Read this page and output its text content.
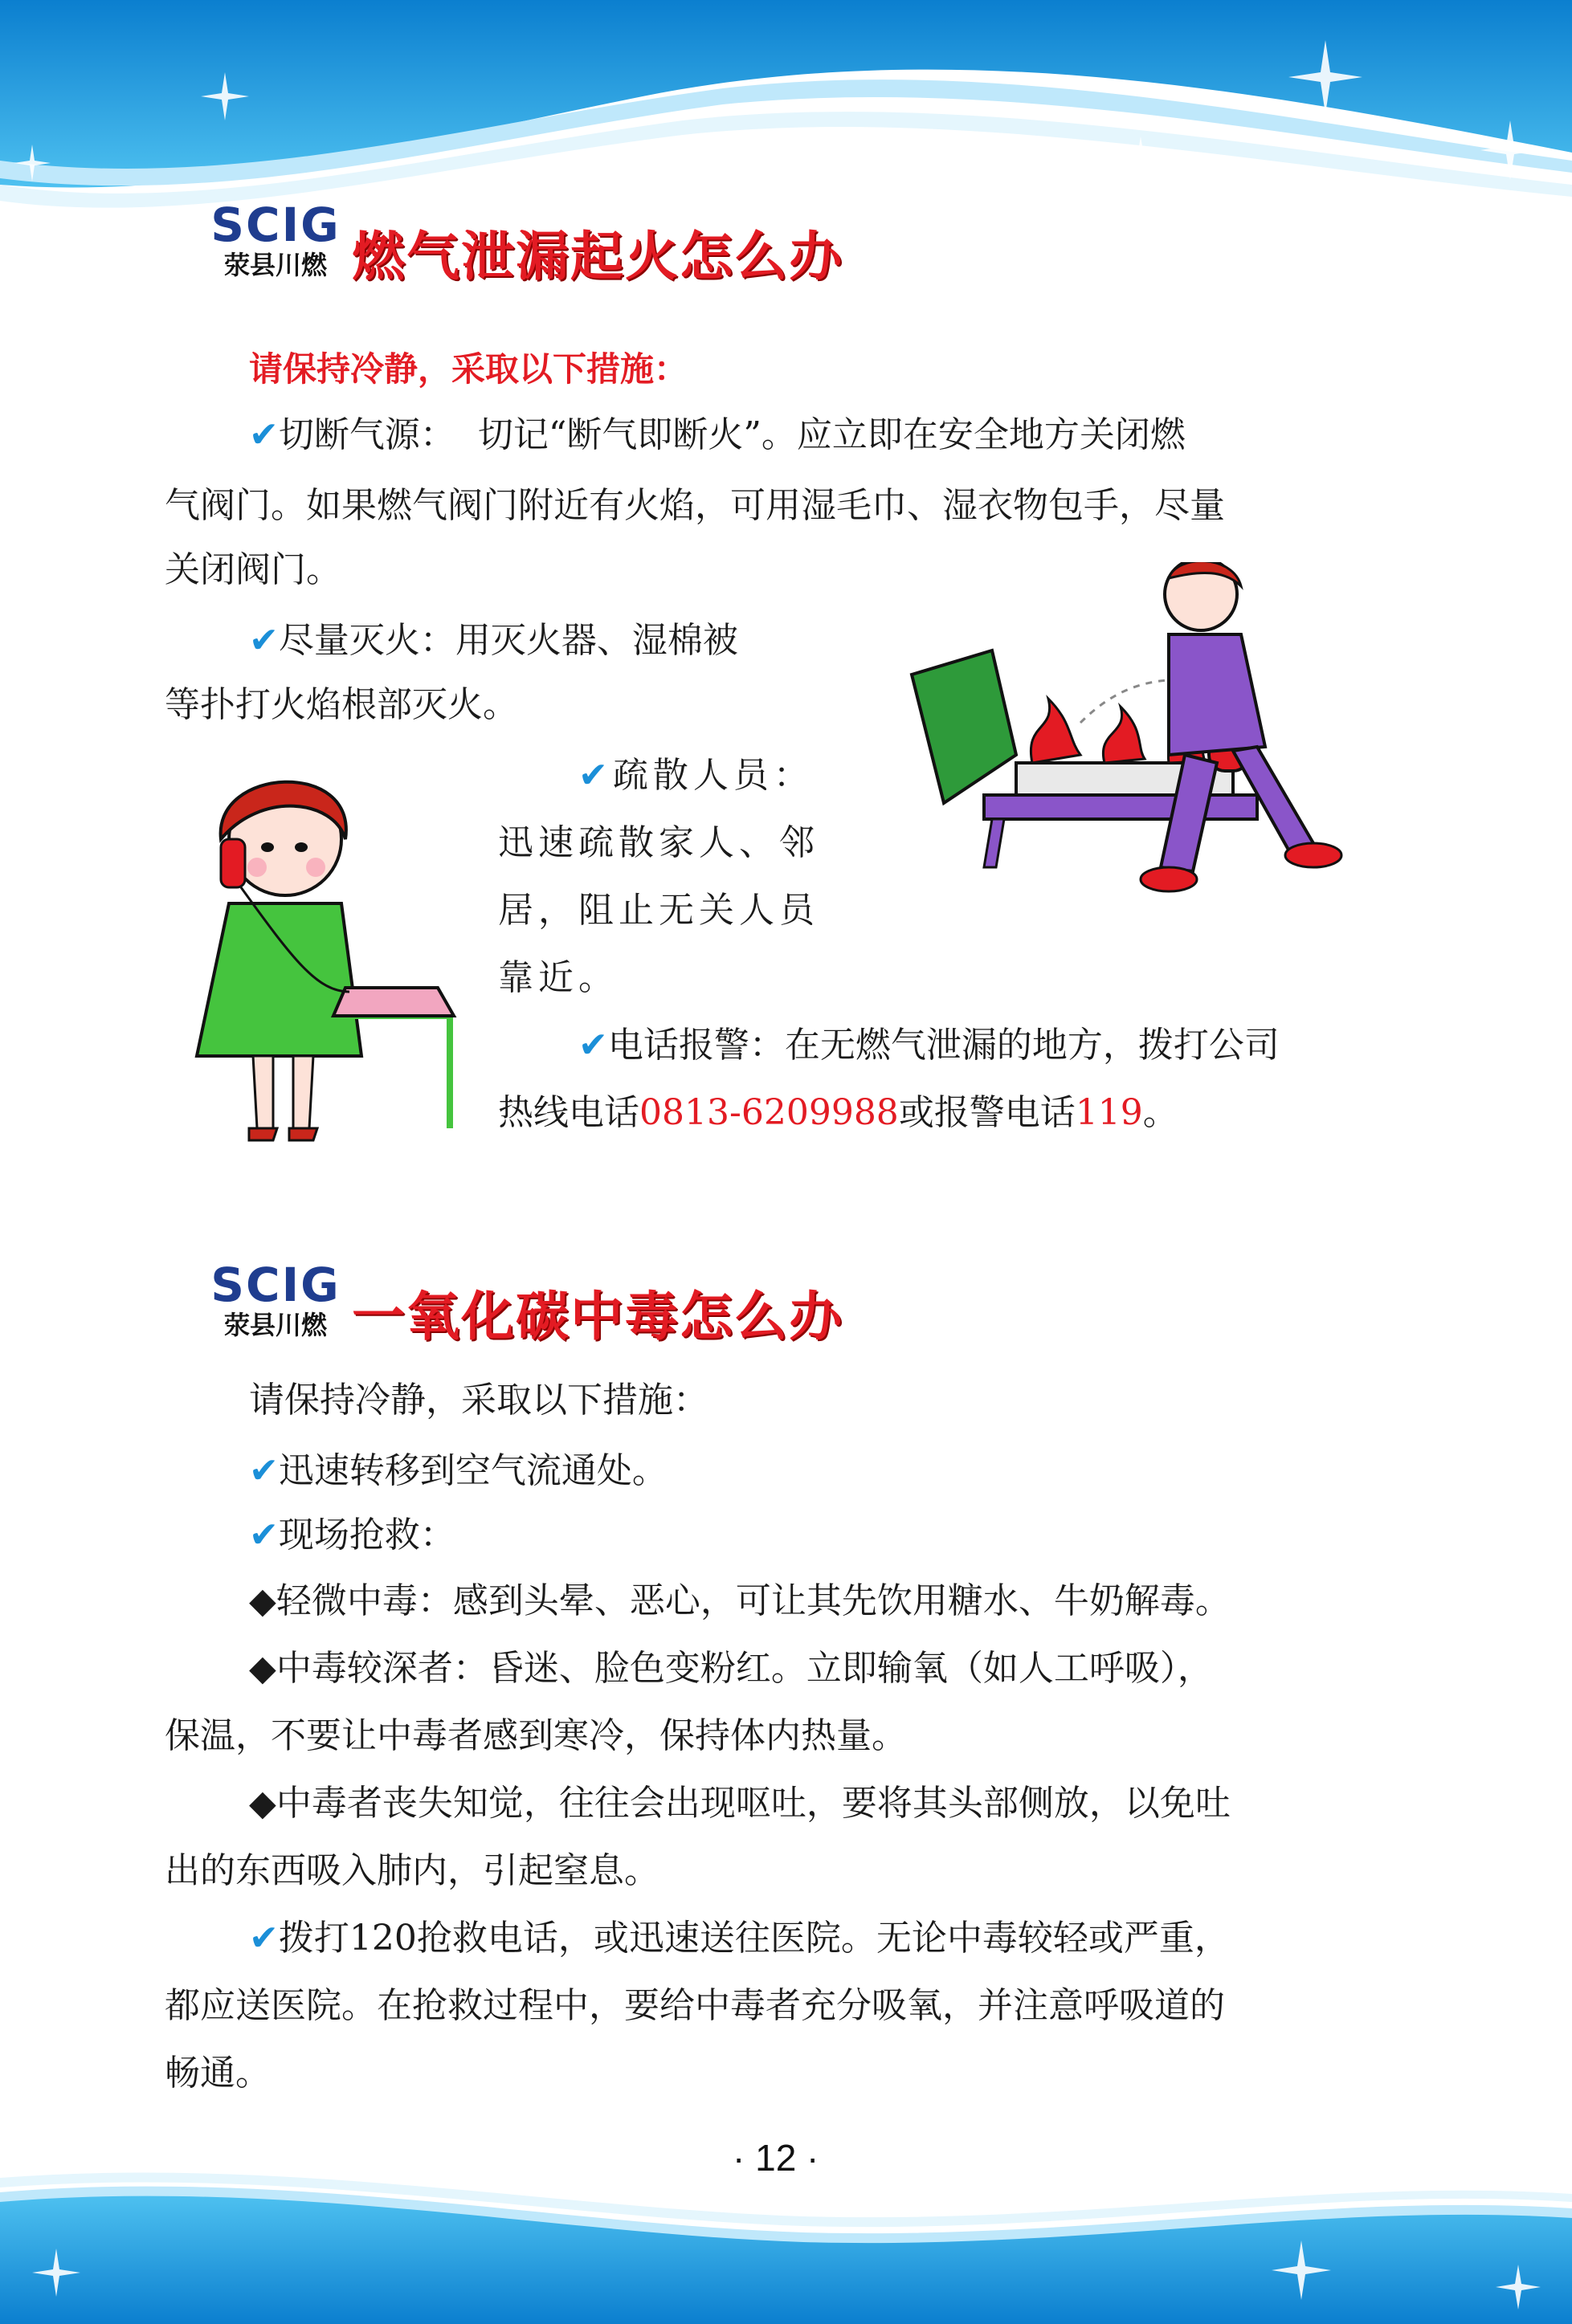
SCIG
荥县川燃 燃气泄漏起火怎么办
请保持冷静，采取以下措施：
✔切断气源： 切记“断气即断火”。应立即在安全地方关闭燃
气阀门。如果燃气阀门附近有火焰，可用湿毛巾、湿衣物包手，尽量
关闭阀门。
✔尽量灭火：用灭火器、湿棉被
等扑打火焰根部灭火。
✔疏散人员：
迅速疏散家人、邻
居，阻止无关人员
靠近。
✔电话报警：在无燃气泄漏的地方，拨打公司
热线电话0813-6209988或报警电话119。
SCIG
荥县川燃 一氧化碳中毒怎么办
请保持冷静，采取以下措施：
✔迅速转移到空气流通处。
✔现场抢救：
◆轻微中毒：感到头晕、恶心，可让其先饮用糖水、牛奶解毒。
◆中毒较深者：昏迷、脸色变粉红。立即输氧（如人工呼吸），
保温，不要让中毒者感到寒冷，保持体内热量。
◆中毒者丧失知觉，往往会出现呕吐，要将其头部侧放，以免吐
出的东西吸入肺内，引起窒息。
✔拨打120抢救电话，或迅速送往医院。无论中毒较轻或严重，
都应送医院。在抢救过程中，要给中毒者充分吸氧，并注意呼吸道的
畅通。
· 12 ·
